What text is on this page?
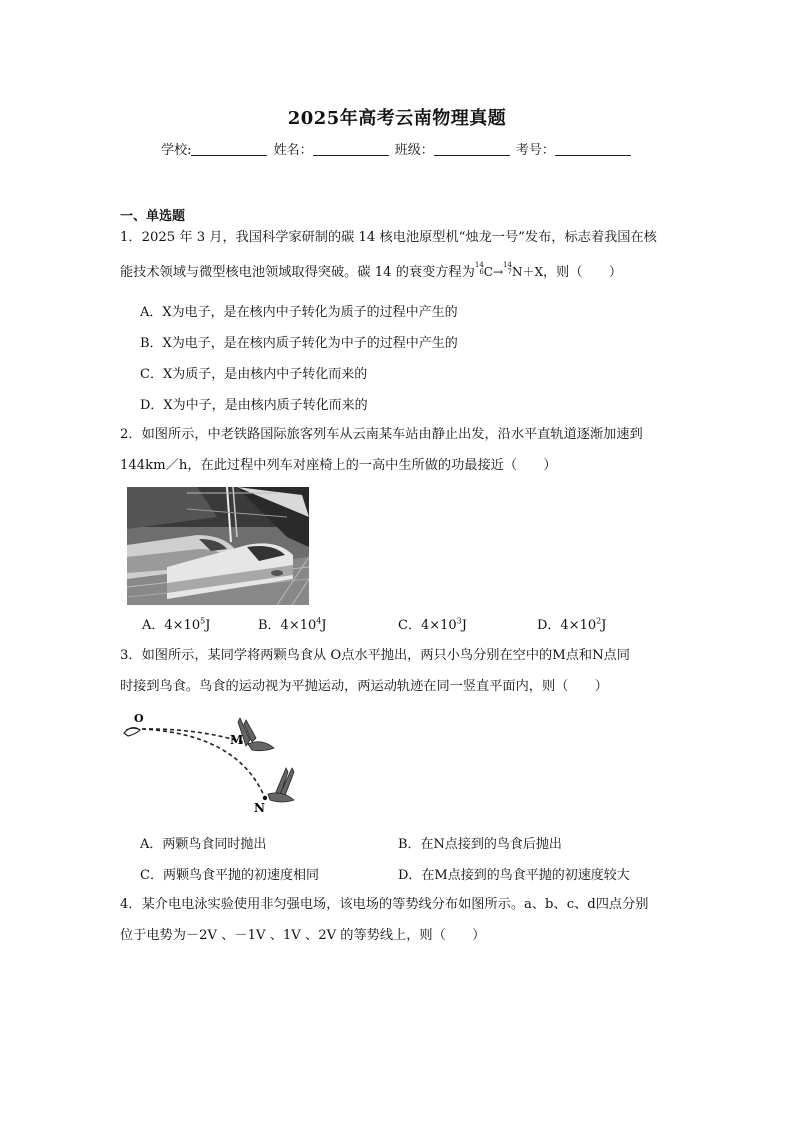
2025年高考云南物理真题
学校:	姓名：	班级：	考号：
一、单选题
1．2025 年 3 月，我国科学家研制的碳 14 核电池原型机“烛龙一号”发布，标志着我国在核
能技术领域与微型核电池领域取得突破。碳 14 的衰变方程为14
6C→14
7N＋X，则（　　）
A．X为电子，是在核内中子转化为质子的过程中产生的
B．X为电子，是在核内质子转化为中子的过程中产生的
C．X为质子，是由核内中子转化而来的
D．X为中子，是由核内质子转化而来的
2．如图所示，中老铁路国际旅客列车从云南某车站由静止出发，沿水平直轨道逐渐加速到
144km／h，在此过程中列车对座椅上的一高中生所做的功最接近（　　）
A．$4\times 10^5J$	B．$4\times 10^4J$	C．$4\times 10^3J$	D．$4\times 10^2J$
3．如图所示，某同学将两颗鸟食从 O点水平抛出，两只小鸟分别在空中的M点和N点同
时接到鸟食。鸟食的运动视为平抛运动，两运动轨迹在同一竖直平面内，则（　　）
O
M
N
A．两颗鸟食同时抛出	B．在N点接到的鸟食后抛出
C．两颗鸟食平抛的初速度相同	D．在M点接到的鸟食平抛的初速度较大
4．某介电电泳实验使用非匀强电场，该电场的等势线分布如图所示。a、b、c、d四点分别
位于电势为－2V 、－1V 、1V 、2V 的等势线上，则（　　）
